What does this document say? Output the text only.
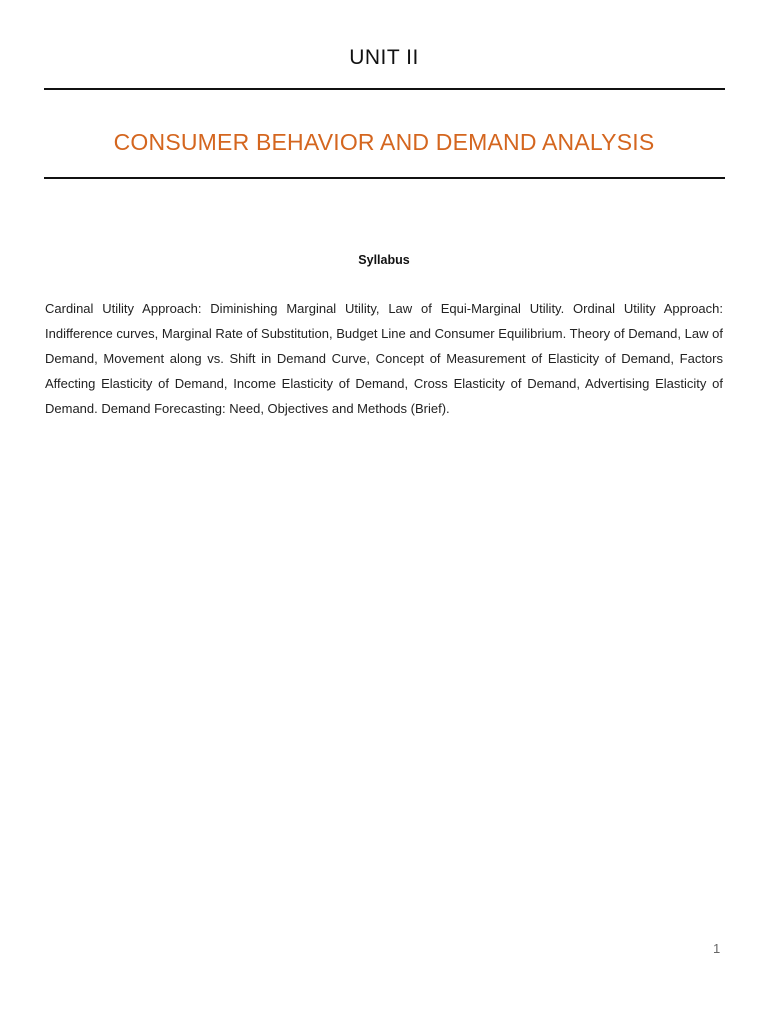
UNIT II
CONSUMER BEHAVIOR AND DEMAND ANALYSIS
Syllabus
Cardinal Utility Approach: Diminishing Marginal Utility, Law of Equi-Marginal Utility. Ordinal Utility Approach: Indifference curves, Marginal Rate of Substitution, Budget Line and Consumer Equilibrium. Theory of Demand, Law of Demand, Movement along vs. Shift in Demand Curve, Concept of Measurement of Elasticity of Demand, Factors Affecting Elasticity of Demand, Income Elasticity of Demand, Cross Elasticity of Demand, Advertising Elasticity of Demand. Demand Forecasting: Need, Objectives and Methods (Brief).
1
